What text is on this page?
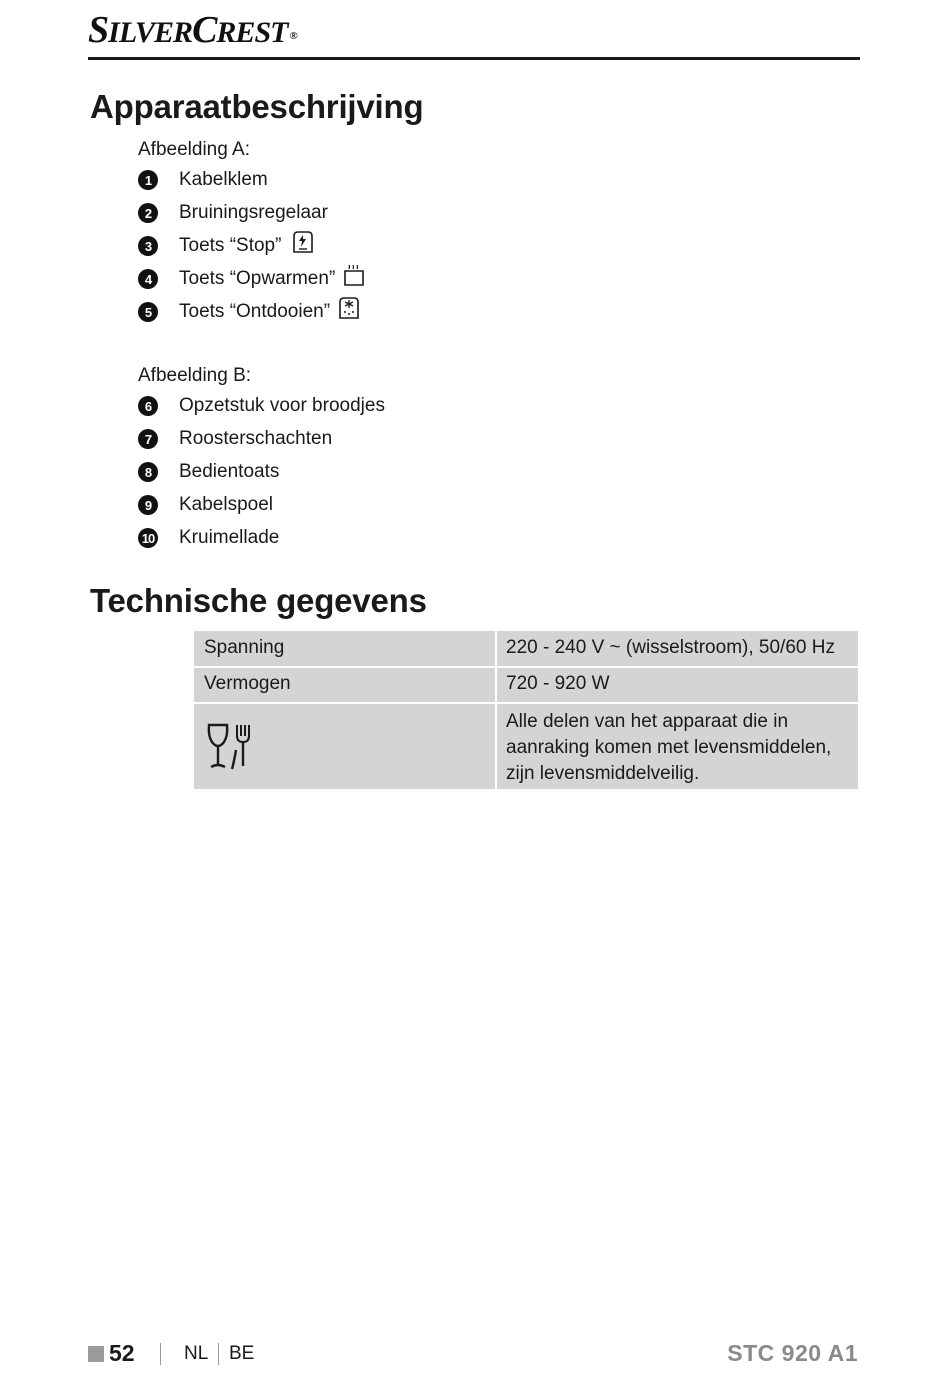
SILVERCREST ®
Apparaatbeschrijving
Afbeelding A:
1	Kabelklem
2	Bruiningsregelaar
3	Toets “Stop”
4	Toets “Opwarmen”
5	Toets “Ontdooien”
Afbeelding B:
6	Opzetstuk voor broodjes
7	Roosterschachten
8	Bedientoats
9	Kabelspoel
10 Kruimellade
Technische gegevens
Spanning	220 - 240 V ~ (wisselstroom), 50/60 Hz
Vermogen	720 - 920 W
Alle delen van het apparaat die in
aanraking komen met levensmiddelen,
zijn levensmiddelveilig.
52	NL BE	STC 920 A1
